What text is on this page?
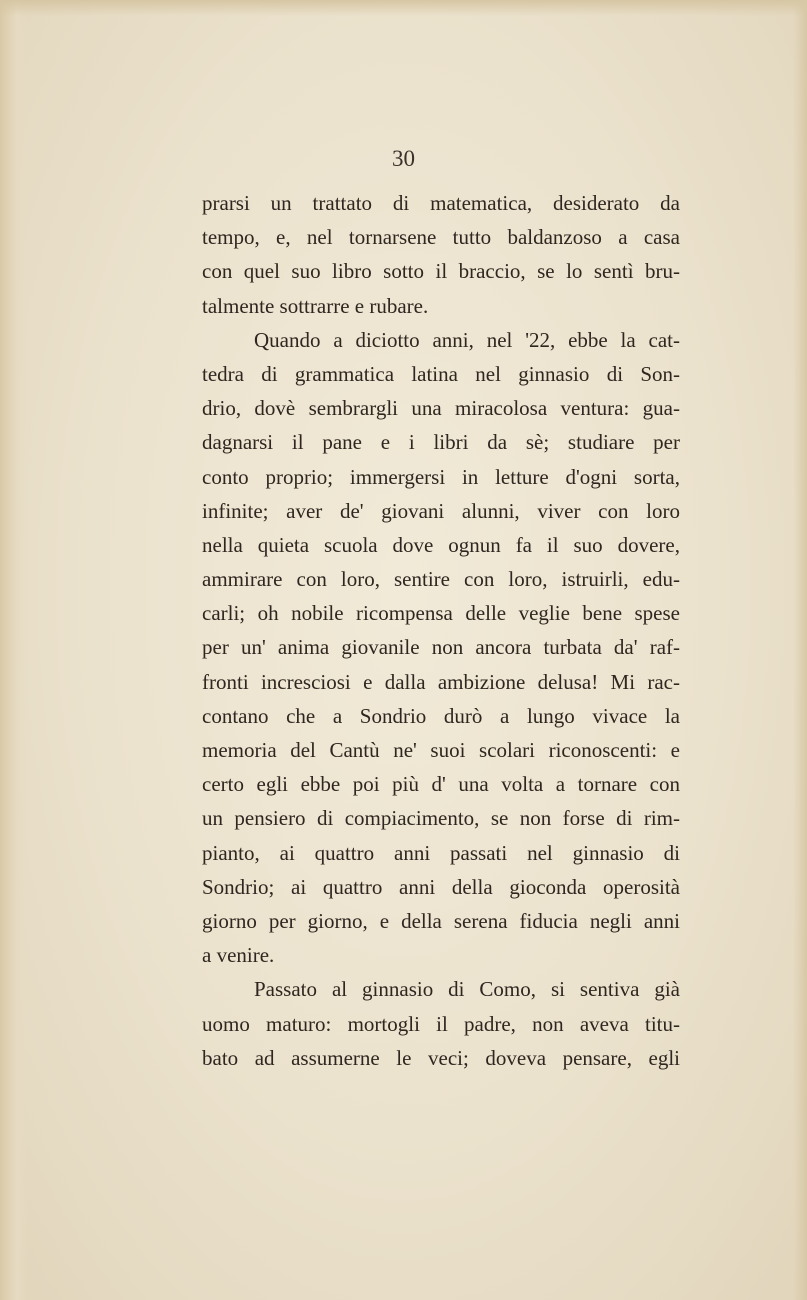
30

prarsi un trattato di matematica, desiderato da
tempo, e, nel tornarsene tutto baldanzoso a casa
con quel suo libro sotto il braccio, se lo sentì bru-
talmente sottrarre e rubare.
Quando a diciotto anni, nel '22, ebbe la cat-
tedra di grammatica latina nel ginnasio di Son-
drio, dovè sembrargli una miracolosa ventura: gua-
dagnarsi il pane e i libri da sè; studiare per
conto proprio; immergersi in letture d'ogni sorta,
infinite; aver de' giovani alunni, viver con loro
nella quieta scuola dove ognun fa il suo dovere,
ammirare con loro, sentire con loro, istruirli, edu-
carli; oh nobile ricompensa delle veglie bene spese
per un' anima giovanile non ancora turbata da' raf-
fronti incresciosi e dalla ambizione delusa! Mi rac-
contano che a Sondrio durò a lungo vivace la
memoria del Cantù ne' suoi scolari riconoscenti: e
certo egli ebbe poi più d' una volta a tornare con
un pensiero di compiacimento, se non forse di rim-
pianto, ai quattro anni passati nel ginnasio di
Sondrio; ai quattro anni della gioconda operosità
giorno per giorno, e della serena fiducia negli anni
a venire.
Passato al ginnasio di Como, si sentiva già
uomo maturo: mortogli il padre, non aveva titu-
bato ad assumerne le veci; doveva pensare, egli
